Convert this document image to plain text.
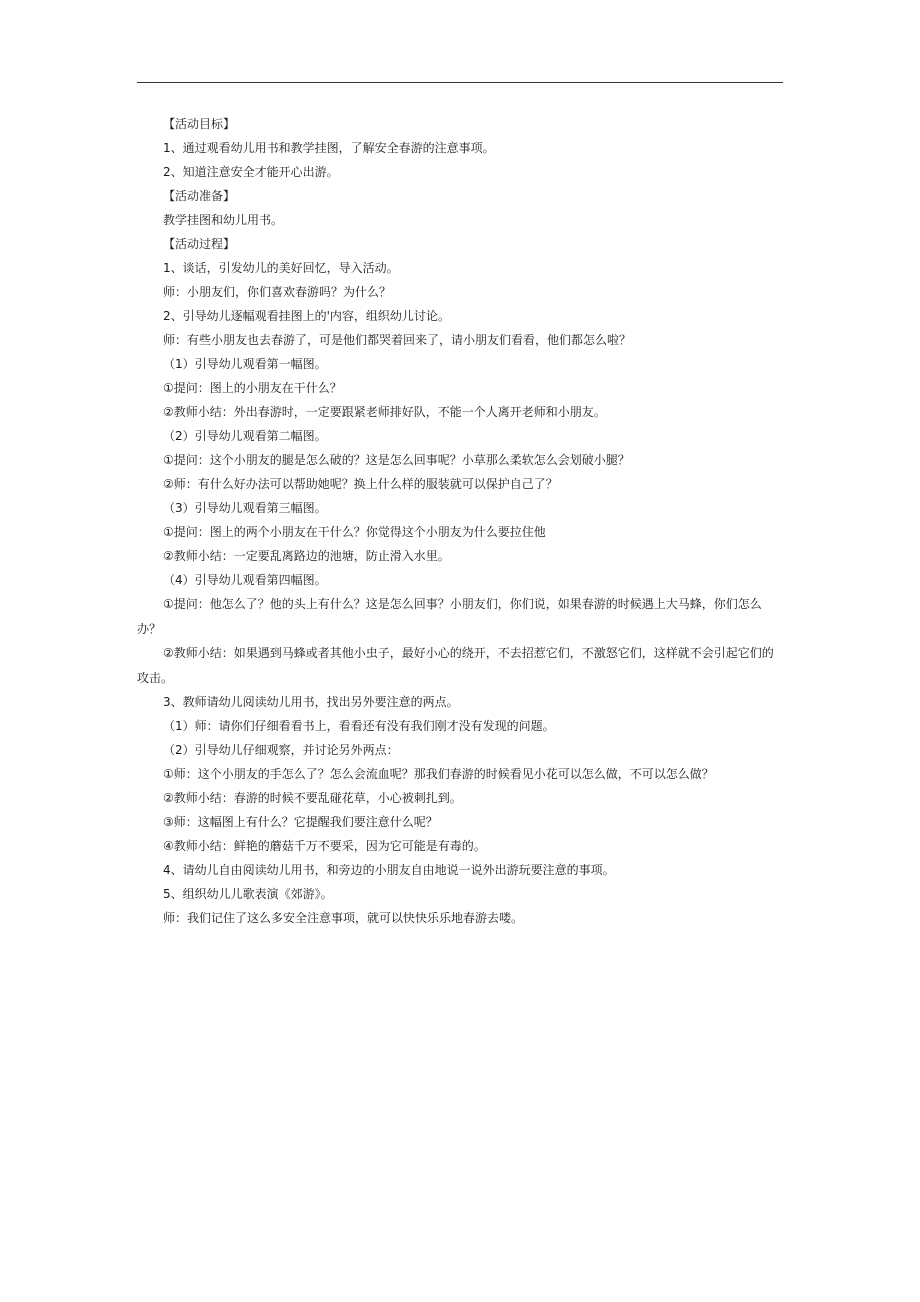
【活动目标】
1、通过观看幼儿用书和教学挂图，了解安全春游的注意事项。
2、知道注意安全才能开心出游。
【活动准备】
教学挂图和幼儿用书。
【活动过程】
1、谈话，引发幼儿的美好回忆，导入活动。
师：小朋友们，你们喜欢春游吗？为什么？
2、引导幼儿逐幅观看挂图上的'内容，组织幼儿讨论。
师：有些小朋友也去春游了，可是他们都哭着回来了，请小朋友们看看，他们都怎么啦？
（1）引导幼儿观看第一幅图。
①提问：图上的小朋友在干什么？
②教师小结：外出春游时，一定要跟紧老师排好队，不能一个人离开老师和小朋友。
（2）引导幼儿观看第二幅图。
①提问：这个小朋友的腿是怎么破的？这是怎么回事呢？小草那么柔软怎么会划破小腿？
②师：有什么好办法可以帮助她呢？换上什么样的服装就可以保护自己了？
（3）引导幼儿观看第三幅图。
①提问：图上的两个小朋友在干什么？你觉得这个小朋友为什么要拉住他
②教师小结：一定要乱离路边的池塘，防止滑入水里。
（4）引导幼儿观看第四幅图。
①提问：他怎么了？他的头上有什么？这是怎么回事？小朋友们，你们说，如果春游的时候遇上大马蜂，你们怎么办？
②教师小结：如果遇到马蜂或者其他小虫子，最好小心的绕开，不去招惹它们，不激怒它们，这样就不会引起它们的攻击。
3、教师请幼儿阅读幼儿用书，找出另外要注意的两点。
（1）师：请你们仔细看看书上，看看还有没有我们刚才没有发现的问题。
（2）引导幼儿仔细观察，并讨论另外两点：
①师：这个小朋友的手怎么了？怎么会流血呢？那我们春游的时候看见小花可以怎么做，不可以怎么做？
②教师小结：春游的时候不要乱碰花草，小心被刺扎到。
③师：这幅图上有什么？它提醒我们要注意什么呢？
④教师小结：鲜艳的蘑菇千万不要采，因为它可能是有毒的。
4、请幼儿自由阅读幼儿用书，和旁边的小朋友自由地说一说外出游玩要注意的事项。
5、组织幼儿儿歌表演《郊游》。
师：我们记住了这么多安全注意事项，就可以快快乐乐地春游去喽。
